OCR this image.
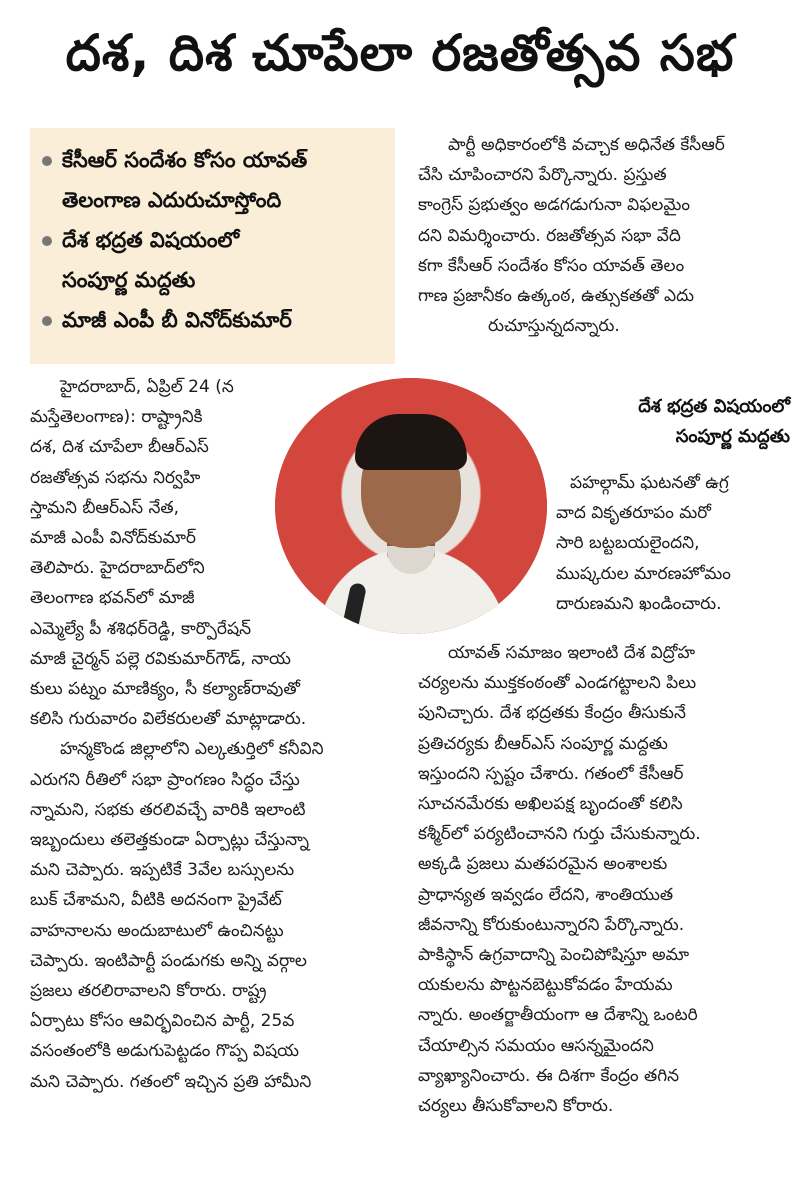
దశ, దిశ చూపేలా రజతోత్సవ సభ
కేసీఆర్ సందేశం కోసం యావత్
తెలంగాణ ఎదురుచూస్తోంది
దేశ భద్రత విషయంలో
సంపూర్ణ మద్దతు
మాజీ ఎంపీ బీ వినోద్‌కుమార్
పార్టీ అధికారంలోకి వచ్చాక అధినేత కేసీఆర్
చేసి చూపించారని పేర్కొన్నారు. ప్రస్తుత
కాంగ్రెస్ ప్రభుత్వం అడగడుగునా విఫలమైం
దని విమర్శించారు. రజతోత్సవ సభా వేది
కగా కేసీఆర్ సందేశం కోసం యావత్ తెలం
గాణ ప్రజానీకం ఉత్కంఠ, ఉత్సుకతతో ఎదు
రుచూస్తున్నదన్నారు.
దేశ భద్రత విషయంలో
సంపూర్ణ మద్దతు
హైదరాబాద్, ఏప్రిల్ 24 (న
మస్తేతెలంగాణ): రాష్ట్రానికి
దశ, దిశ చూపేలా బీఆర్ఎస్
రజతోత్సవ సభను నిర్వహి
స్తామని బీఆర్ఎస్ నేత,
మాజీ ఎంపీ వినోద్‌కుమార్
తెలిపారు. హైదరాబాద్‌లోని
తెలంగాణ భవన్‌లో మాజీ
ఎమ్మెల్యే పీ శశిధర్‌రెడ్డి, కార్పొరేషన్
మాజీ చైర్మన్ పల్లె రవికుమార్‌గౌడ్, నాయ
కులు పట్నం మాణిక్యం, సీ కల్యాణ్‌రావుతో
కలిసి గురువారం విలేకరులతో మాట్లాడారు.
హన్మకొండ జిల్లాలోని ఎల్కతుర్తిలో కనీవిని
ఎరుగని రీతిలో సభా ప్రాంగణం సిద్ధం చేస్తు
న్నామని, సభకు తరలివచ్చే వారికి ఇలాంటి
ఇబ్బందులు తలెత్తకుండా ఏర్పాట్లు చేస్తున్నా
మని చెప్పారు. ఇప్పటికే 3వేల బస్సులను
బుక్ చేశామని, వీటికి అదనంగా ప్రైవేట్
వాహనాలను అందుబాటులో ఉంచినట్టు
చెప్పారు. ఇంటిపార్టీ పండుగకు అన్ని వర్గాల
ప్రజలు తరలిరావాలని కోరారు. రాష్ట్ర
ఏర్పాటు కోసం ఆవిర్భవించిన పార్టీ, 25వ
వసంతంలోకి అడుగుపెట్టడం గొప్ప విషయ
మని చెప్పారు. గతంలో ఇచ్చిన ప్రతి హామీని
పహల్గామ్ ఘటనతో ఉగ్ర
వాద వికృతరూపం మరో
సారి బట్టబయలైందని,
ముష్కరుల మారణహోమం
దారుణమని ఖండించారు.
యావత్ సమాజం ఇలాంటి దేశ విద్రోహ
చర్యలను ముక్తకంఠంతో ఎండగట్టాలని పిలు
పునిచ్చారు. దేశ భద్రతకు కేంద్రం తీసుకునే
ప్రతిచర్యకు బీఆర్ఎస్ సంపూర్ణ మద్దతు
ఇస్తుందని స్పష్టం చేశారు. గతంలో కేసీఆర్
సూచనమేరకు అఖిలపక్ష బృందంతో కలిసి
కశ్మీర్‌లో పర్యటించానని గుర్తు చేసుకున్నారు.
అక్కడి ప్రజలు మతపరమైన అంశాలకు
ప్రాధాన్యత ఇవ్వడం లేదని, శాంతియుత
జీవనాన్ని కోరుకుంటున్నారని పేర్కొన్నారు.
పాకిస్థాన్ ఉగ్రవాదాన్ని పెంచిపోషిస్తూ అమా
యకులను పొట్టనబెట్టుకోవడం హేయమ
న్నారు. అంతర్జాతీయంగా ఆ దేశాన్ని ఒంటరి
చేయాల్సిన సమయం ఆసన్నమైందని
వ్యాఖ్యానించారు. ఈ దిశగా కేంద్రం తగిన
చర్యలు తీసుకోవాలని కోరారు.
